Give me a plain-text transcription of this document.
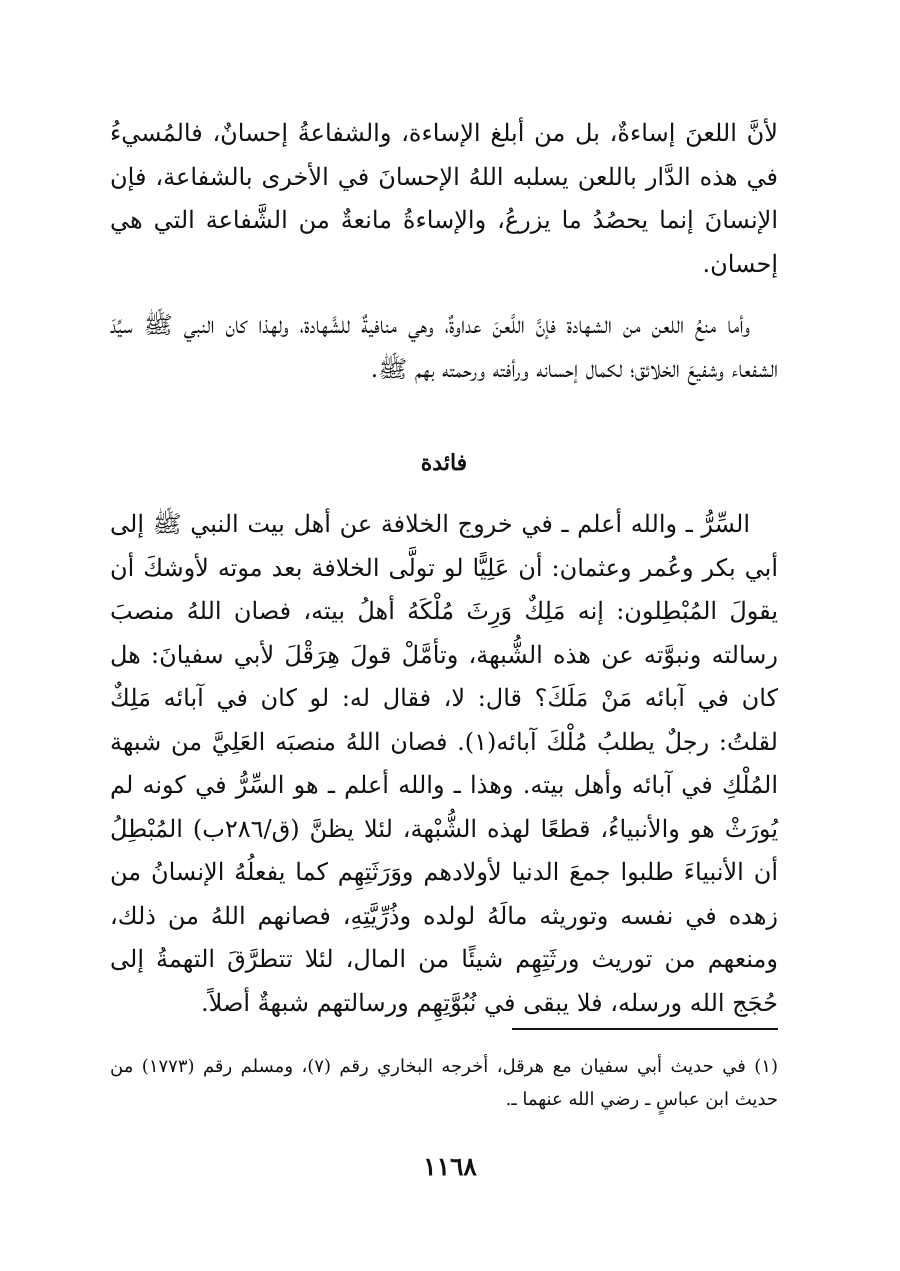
لأنَّ اللعنَ إساءةٌ، بل من أبلغ الإساءة، والشفاعةُ إحسانٌ، فالمُسيءُ في هذه الدَّار باللعن يسلبه اللهُ الإحسانَ في الأخرى بالشفاعة، فإن الإنسانَ إنما يحصُدُ ما يزرعُ، والإساءةُ مانعةٌ من الشَّفاعة التي هي إحسان.

وأما منعُ اللعن من الشهادة فإنَّ اللَّعنَ عداوةٌ، وهي منافيةٌ للشَّهادة، ولهذا كان النبي ﷺ سيِّدَ الشفعاء وشفيعَ الخلائق؛ لكمال إحسانه ورأفته ورحمته بهم ﷺ.

فائدة

السِّرُّ ـ والله أعلم ـ في خروج الخلافة عن أهل بيت النبي ﷺ إلى أبي بكر وعُمر وعثمان: أن عَلِيًّا لو تولَّى الخلافة بعد موته لأوشكَ أن يقولَ المُبْطِلون: إنه مَلِكٌ وَرِثَ مُلْكَهُ أهلُ بيته، فصان اللهُ منصبَ رسالته ونبوَّته عن هذه الشُّبهة، وتأمَّلْ قولَ هِرَقْلَ لأبي سفيانَ: هل كان في آبائه مَنْ مَلَكَ؟ قال: لا، فقال له: لو كان في آبائه مَلِكٌ لقلتُ: رجلٌ يطلبُ مُلْكَ آبائه(١). فصان اللهُ منصبَه العَلِيَّ من شبهة المُلْكِ في آبائه وأهل بيته. وهذا ـ والله أعلم ـ هو السِّرُّ في كونه لم يُورَثْ هو والأنبياءُ، قطعًا لهذه الشُّبْهة، لئلا يظنَّ (ق/٢٨٦ب) المُبْطِلُ أن الأنبياءَ طلبوا جمعَ الدنيا لأولادهم ووَرَثَتِهِم كما يفعلُهُ الإنسانُ من زهده في نفسه وتوريثه مالَهُ لولده وذُرِّيَّتِهِ، فصانهم اللهُ من ذلك، ومنعهم من توريث ورثَتِهِم شيئًا من المال، لئلا تتطرَّقَ التهمةُ إلى حُجَج الله ورسله، فلا يبقى في نُبُوَّتِهِم ورسالتهم شبهةٌ أصلاً.

(١) في حديث أبي سفيان مع هرقل، أخرجه البخاري رقم (٧)، ومسلم رقم (١٧٧٣) من حديث ابن عباسٍ ـ رضي الله عنهما ـ.

١١٦٨
